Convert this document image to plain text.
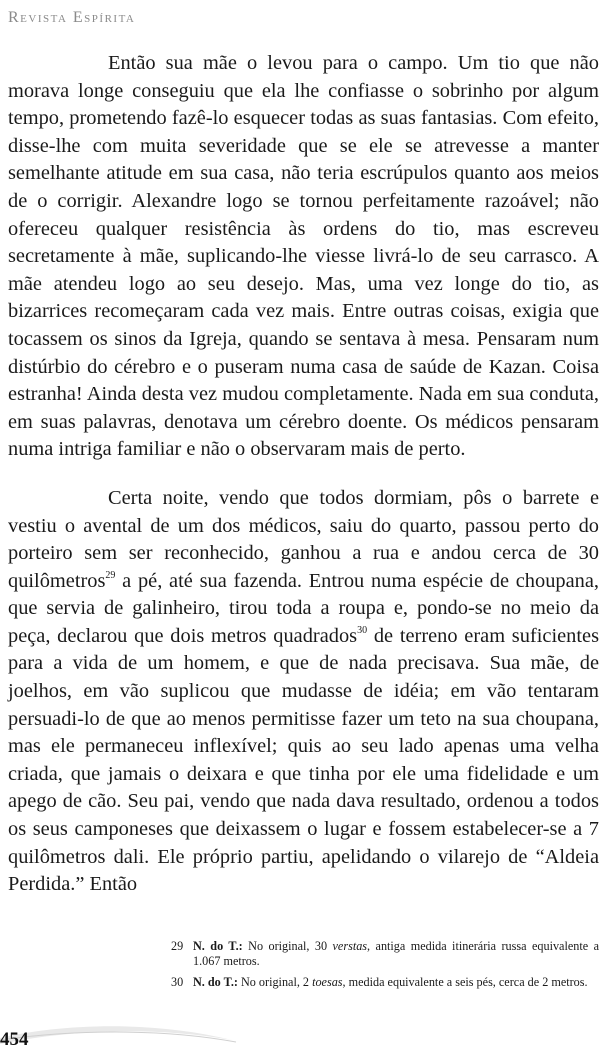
Revista Espírita

Então sua mãe o levou para o campo. Um tio que não morava longe conseguiu que ela lhe confiasse o sobrinho por algum tempo, prometendo fazê-lo esquecer todas as suas fantasias. Com efeito, disse-lhe com muita severidade que se ele se atrevesse a manter semelhante atitude em sua casa, não teria escrúpulos quanto aos meios de o corrigir. Alexandre logo se tornou perfeitamente razoável; não ofereceu qualquer resistência às ordens do tio, mas escreveu secretamente à mãe, suplicando-lhe viesse livrá-lo de seu carrasco. A mãe atendeu logo ao seu desejo. Mas, uma vez longe do tio, as bizarrices recomeçaram cada vez mais. Entre outras coisas, exigia que tocassem os sinos da Igreja, quando se sentava à mesa. Pensaram num distúrbio do cérebro e o puseram numa casa de saúde de Kazan. Coisa estranha! Ainda desta vez mudou completamente. Nada em sua conduta, em suas palavras, denotava um cérebro doente. Os médicos pensaram numa intriga familiar e não o observaram mais de perto.

Certa noite, vendo que todos dormiam, pôs o barrete e vestiu o avental de um dos médicos, saiu do quarto, passou perto do porteiro sem ser reconhecido, ganhou a rua e andou cerca de 30 quilômetros$^{29}$ a pé, até sua fazenda. Entrou numa espécie de choupana, que servia de galinheiro, tirou toda a roupa e, pondo-se no meio da peça, declarou que dois metros quadrados$^{30}$ de terreno eram suficientes para a vida de um homem, e que de nada precisava. Sua mãe, de joelhos, em vão suplicou que mudasse de idéia; em vão tentaram persuadi-lo de que ao menos permitisse fazer um teto na sua choupana, mas ele permaneceu inflexível; quis ao seu lado apenas uma velha criada, que jamais o deixara e que tinha por ele uma fidelidade e um apego de cão. Seu pai, vendo que nada dava resultado, ordenou a todos os seus camponeses que deixassem o lugar e fossem estabelecer-se a 7 quilômetros dali. Ele próprio partiu, apelidando o vilarejo de “Aldeia Perdida.” Então

29 N. do T.: No original, 30 verstas, antiga medida itinerária russa equivalente a 1.067 metros.
30 N. do T.: No original, 2 toesas, medida equivalente a seis pés, cerca de 2 metros.
454
